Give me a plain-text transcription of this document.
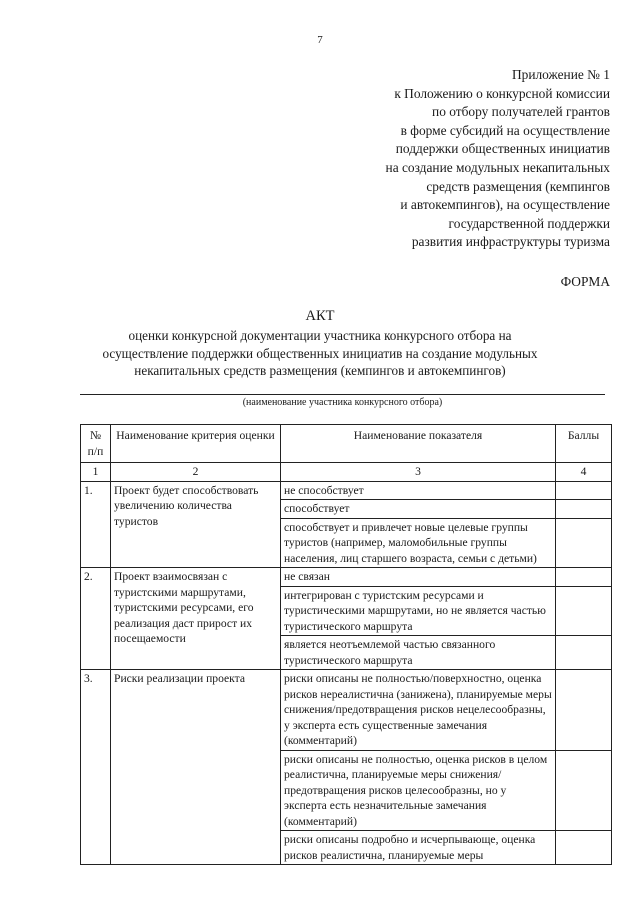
7
Приложение № 1
к Положению о конкурсной комиссии
по отбору получателей грантов
в форме субсидий на осуществление
поддержки общественных инициатив
на создание модульных некапитальных
средств размещения (кемпингов
и автокемпингов), на осуществление
государственной поддержки
развития инфраструктуры туризма
ФОРМА
АКТ
оценки конкурсной документации участника конкурсного отбора на
осуществление поддержки общественных инициатив на создание модульных
некапитальных средств размещения (кемпингов и автокемпингов)
(наименование участника конкурсного отбора)
№ п/п	Наименование критерия оценки	Наименование показателя	Баллы
1	2	3	4
1.	Проект будет способствовать увеличению количества туристов	не способствует	
		способствует	
		способствует и привлечет новые целевые группы туристов (например, маломобильные группы населения, лиц старшего возраста, семьи с детьми)	
2.	Проект взаимосвязан с туристскими маршрутами, туристскими ресурсами, его реализация даст прирост их посещаемости	не связан	
		интегрирован с туристским ресурсами и туристическими маршрутами, но не является частью туристического маршрута	
		является неотъемлемой частью связанного туристического маршрута	
3.	Риски реализации проекта	риски описаны не полностью/поверхностно, оценка рисков нереалистична (занижена), планируемые меры снижения/предотвращения рисков нецелесообразны, у эксперта есть существенные замечания (комментарий)	
		риски описаны не полностью, оценка рисков в целом реалистична, планируемые меры снижения/предотвращения рисков целесообразны, но у эксперта есть незначительные замечания (комментарий)	
		риски описаны подробно и исчерпывающе, оценка рисков реалистична, планируемые меры	
